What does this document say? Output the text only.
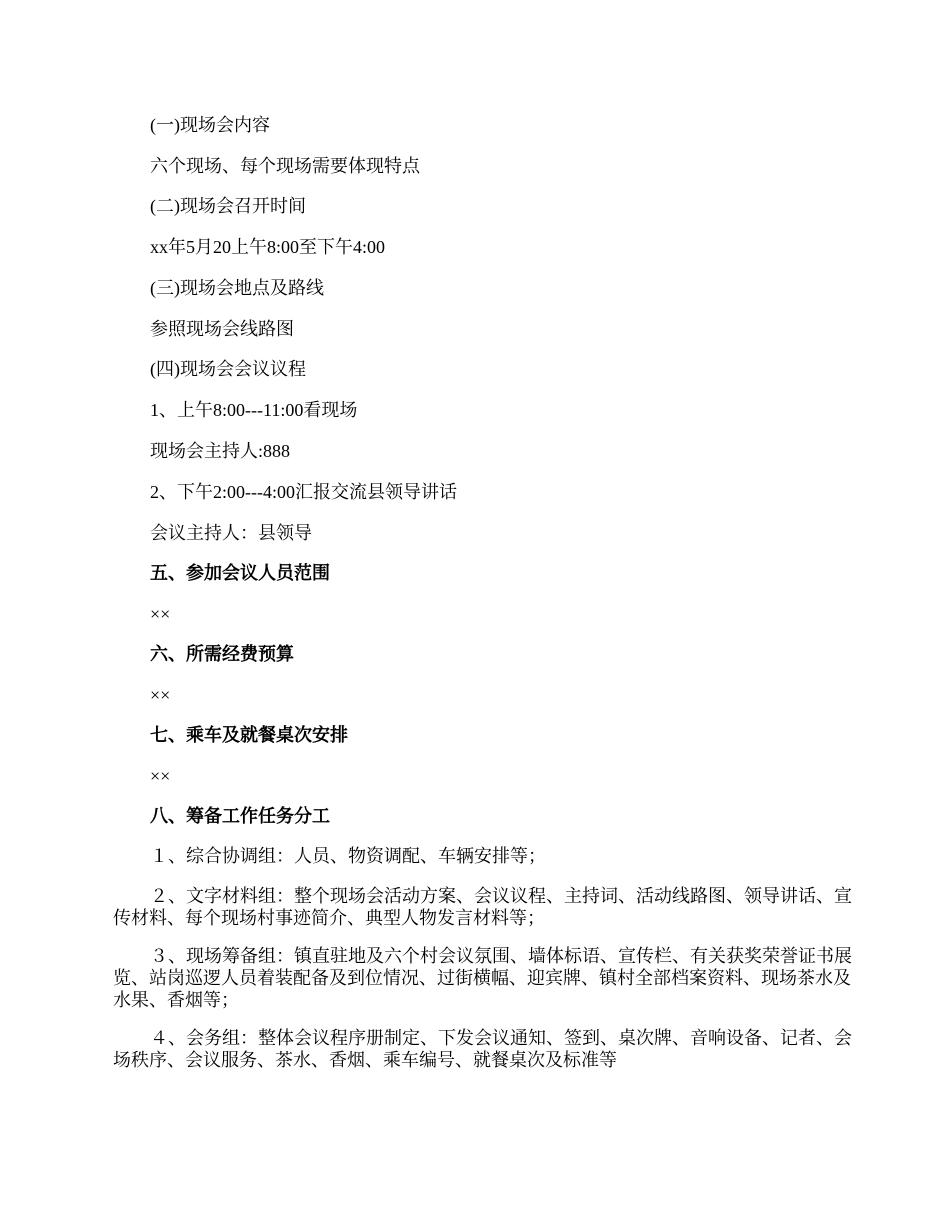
(一)现场会内容
六个现场、每个现场需要体现特点
(二)现场会召开时间
xx年5月20上午8:00至下午4:00
(三)现场会地点及路线
参照现场会线路图
(四)现场会会议议程
1、上午8:00---11:00看现场
现场会主持人:888
2、下午2:00---4:00汇报交流县领导讲话
会议主持人：县领导
五、参加会议人员范围
××
六、所需经费预算
××
七、乘车及就餐桌次安排
××
八、筹备工作任务分工
１、综合协调组：人员、物资调配、车辆安排等；
２、文字材料组：整个现场会活动方案、会议议程、主持词、活动线路图、领导讲话、宣传材料、每个现场村事迹简介、典型人物发言材料等；
３、现场筹备组：镇直驻地及六个村会议氛围、墙体标语、宣传栏、有关获奖荣誉证书展览、站岗巡逻人员着装配备及到位情况、过街横幅、迎宾牌、镇村全部档案资料、现场茶水及水果、香烟等；
４、会务组：整体会议程序册制定、下发会议通知、签到、桌次牌、音响设备、记者、会场秩序、会议服务、茶水、香烟、乘车编号、就餐桌次及标准等
